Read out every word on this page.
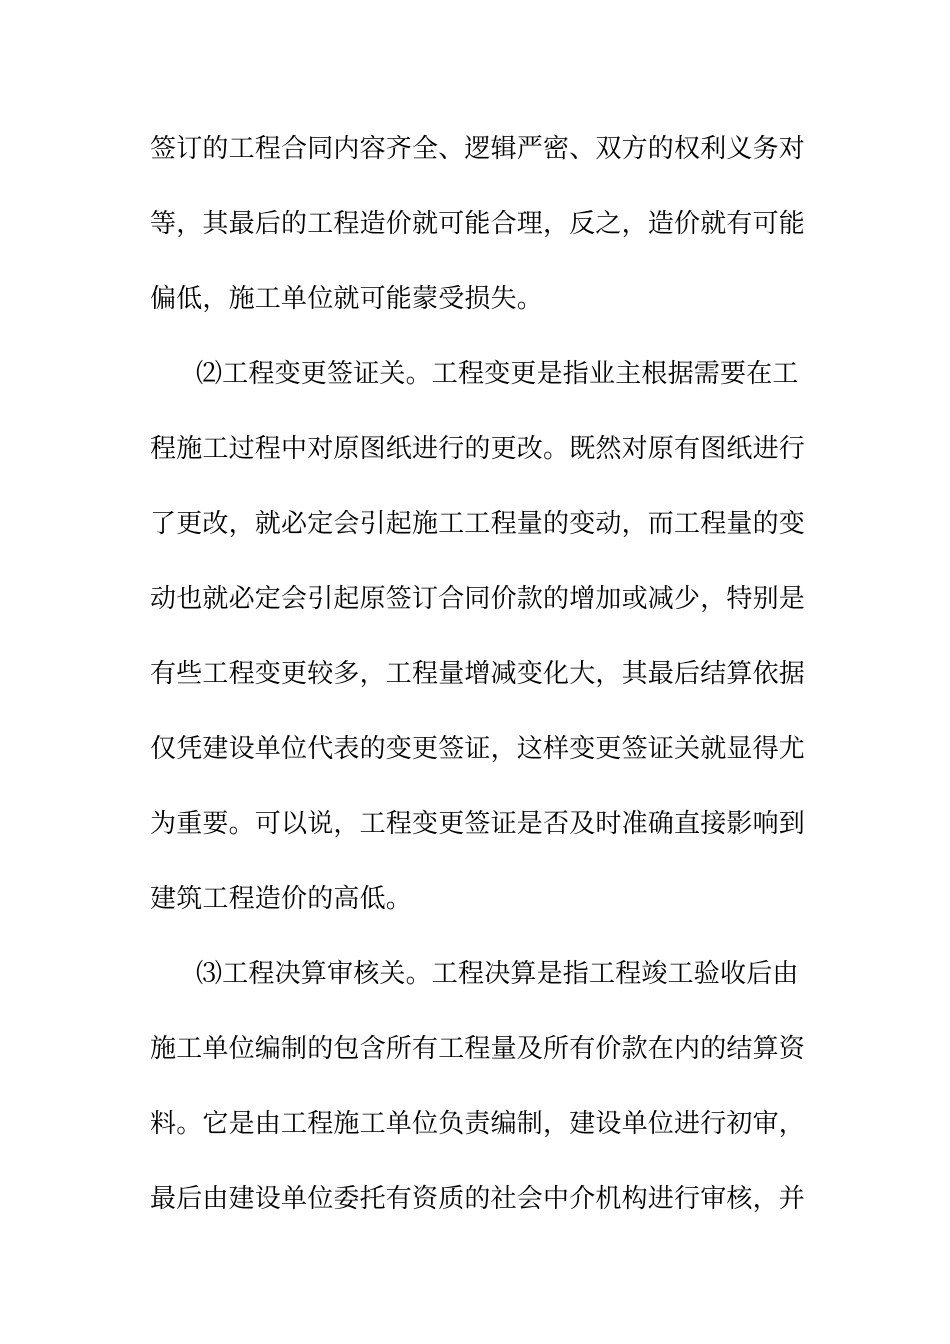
签订的工程合同内容齐全、逻辑严密、双方的权利义务对
等，其最后的工程造价就可能合理，反之，造价就有可能
偏低，施工单位就可能蒙受损失。
⑵工程变更签证关。工程变更是指业主根据需要在工
程施工过程中对原图纸进行的更改。既然对原有图纸进行
了更改，就必定会引起施工工程量的变动，而工程量的变
动也就必定会引起原签订合同价款的增加或减少，特别是
有些工程变更较多，工程量增减变化大，其最后结算依据
仅凭建设单位代表的变更签证，这样变更签证关就显得尤
为重要。可以说，工程变更签证是否及时准确直接影响到
建筑工程造价的高低。
⑶工程决算审核关。工程决算是指工程竣工验收后由
施工单位编制的包含所有工程量及所有价款在内的结算资
料。它是由工程施工单位负责编制，建设单位进行初审，
最后由建设单位委托有资质的社会中介机构进行审核，并
